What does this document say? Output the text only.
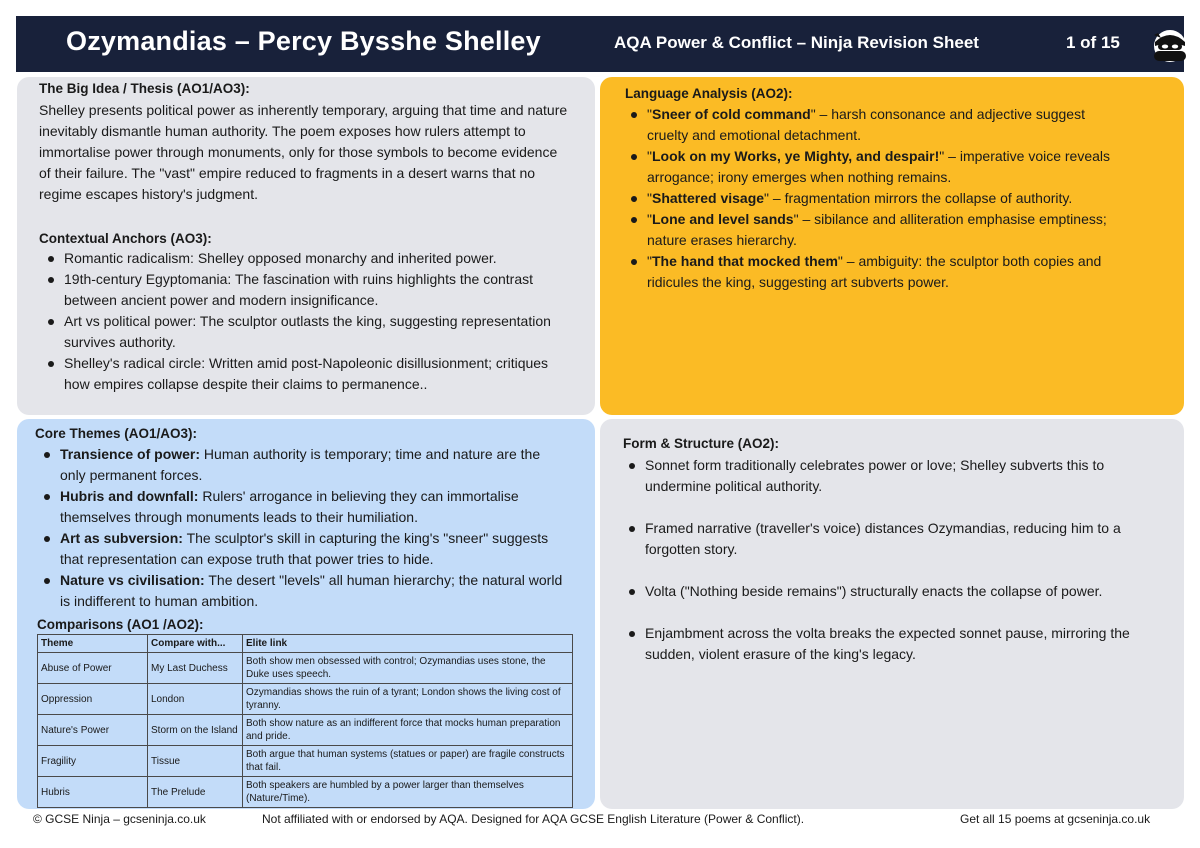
Ozymandias – Percy Bysshe Shelley	AQA Power & Conflict – Ninja Revision Sheet	1 of 15
The Big Idea / Thesis (AO1/AO3):
Shelley presents political power as inherently temporary, arguing that time and nature inevitably dismantle human authority. The poem exposes how rulers attempt to immortalise power through monuments, only for those symbols to become evidence of their failure. The "vast" empire reduced to fragments in a desert warns that no regime escapes history's judgment.
Contextual Anchors (AO3):
Romantic radicalism: Shelley opposed monarchy and inherited power.
19th-century Egyptomania: The fascination with ruins highlights the contrast between ancient power and modern insignificance.
Art vs political power: The sculptor outlasts the king, suggesting representation survives authority.
Shelley's radical circle: Written amid post-Napoleonic disillusionment; critiques how empires collapse despite their claims to permanence..
Language Analysis (AO2):
"Sneer of cold command" – harsh consonance and adjective suggest cruelty and emotional detachment.
"Look on my Works, ye Mighty, and despair!" – imperative voice reveals arrogance; irony emerges when nothing remains.
"Shattered visage" – fragmentation mirrors the collapse of authority.
"Lone and level sands" – sibilance and alliteration emphasise emptiness; nature erases hierarchy.
"The hand that mocked them" – ambiguity: the sculptor both copies and ridicules the king, suggesting art subverts power.
Core Themes (AO1/AO3):
Transience of power: Human authority is temporary; time and nature are the only permanent forces.
Hubris and downfall: Rulers' arrogance in believing they can immortalise themselves through monuments leads to their humiliation.
Art as subversion: The sculptor's skill in capturing the king's "sneer" suggests that representation can expose truth that power tries to hide.
Nature vs civilisation: The desert "levels" all human hierarchy; the natural world is indifferent to human ambition.
Comparisons (AO1 /AO2):
Theme	Compare with...	Elite link
Abuse of Power	My Last Duchess	Both show men obsessed with control; Ozymandias uses stone, the Duke uses speech.
Oppression	London	Ozymandias shows the ruin of a tyrant; London shows the living cost of tyranny.
Nature's Power	Storm on the Island	Both show nature as an indifferent force that mocks human preparation and pride.
Fragility	Tissue	Both argue that human systems (statues or paper) are fragile constructs that fail.
Hubris	The Prelude	Both speakers are humbled by a power larger than themselves (Nature/Time).
Form & Structure (AO2):
Sonnet form traditionally celebrates power or love; Shelley subverts this to undermine political authority.
Framed narrative (traveller's voice) distances Ozymandias, reducing him to a forgotten story.
Volta ("Nothing beside remains") structurally enacts the collapse of power.
Enjambment across the volta breaks the expected sonnet pause, mirroring the sudden, violent erasure of the king's legacy.
© GCSE Ninja – gcseninja.co.uk	Not affiliated with or endorsed by AQA. Designed for AQA GCSE English Literature (Power & Conflict).	Get all 15 poems at gcseninja.co.uk
